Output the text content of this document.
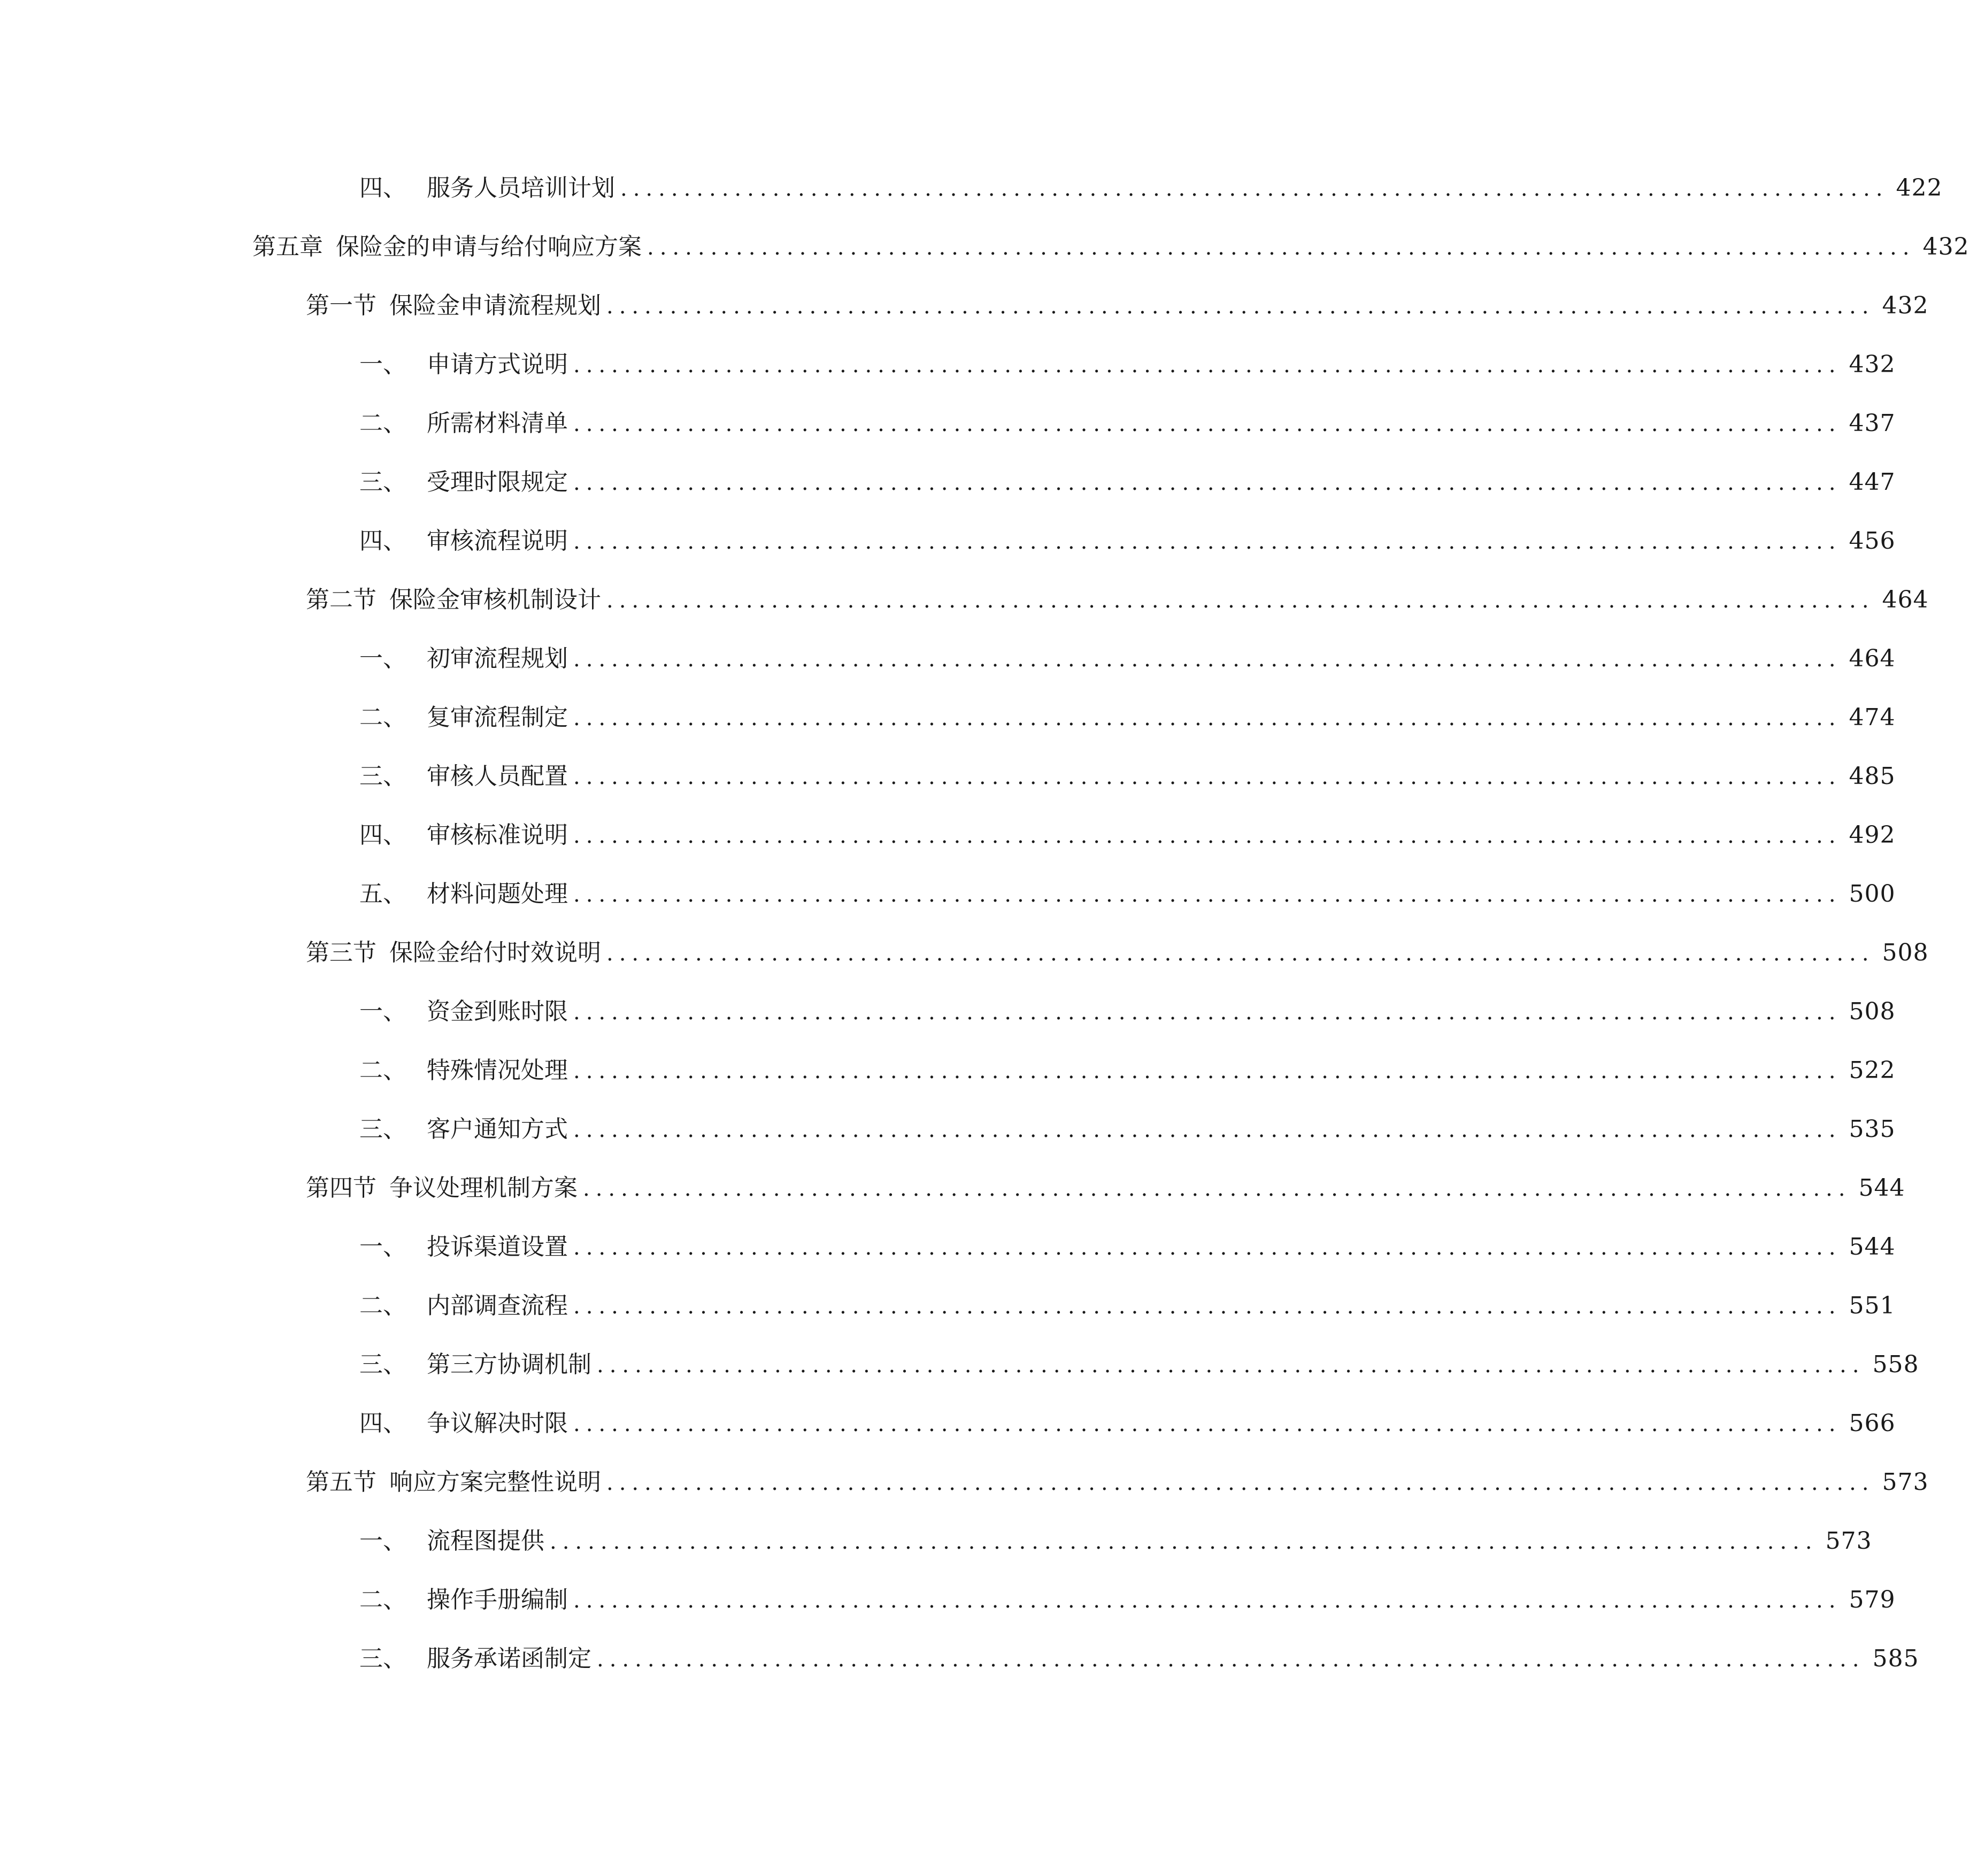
四、 服务人员培训计划 .................................................................................................... 422
第五章 保险金的申请与给付响应方案 .................................................................................................... 432
第一节 保险金申请流程规划 .................................................................................................... 432
一、 申请方式说明 .................................................................................................... 432
二、 所需材料清单 .................................................................................................... 437
三、 受理时限规定 .................................................................................................... 447
四、 审核流程说明 .................................................................................................... 456
第二节 保险金审核机制设计 .................................................................................................... 464
一、 初审流程规划 .................................................................................................... 464
二、 复审流程制定 .................................................................................................... 474
三、 审核人员配置 .................................................................................................... 485
四、 审核标准说明 .................................................................................................... 492
五、 材料问题处理 .................................................................................................... 500
第三节 保险金给付时效说明 .................................................................................................... 508
一、 资金到账时限 .................................................................................................... 508
二、 特殊情况处理 .................................................................................................... 522
三、 客户通知方式 .................................................................................................... 535
第四节 争议处理机制方案 .................................................................................................... 544
一、 投诉渠道设置 .................................................................................................... 544
二、 内部调查流程 .................................................................................................... 551
三、 第三方协调机制 .................................................................................................... 558
四、 争议解决时限 .................................................................................................... 566
第五节 响应方案完整性说明 .................................................................................................... 573
一、 流程图提供 .................................................................................................... 573
二、 操作手册编制 .................................................................................................... 579
三、 服务承诺函制定 .................................................................................................... 585
